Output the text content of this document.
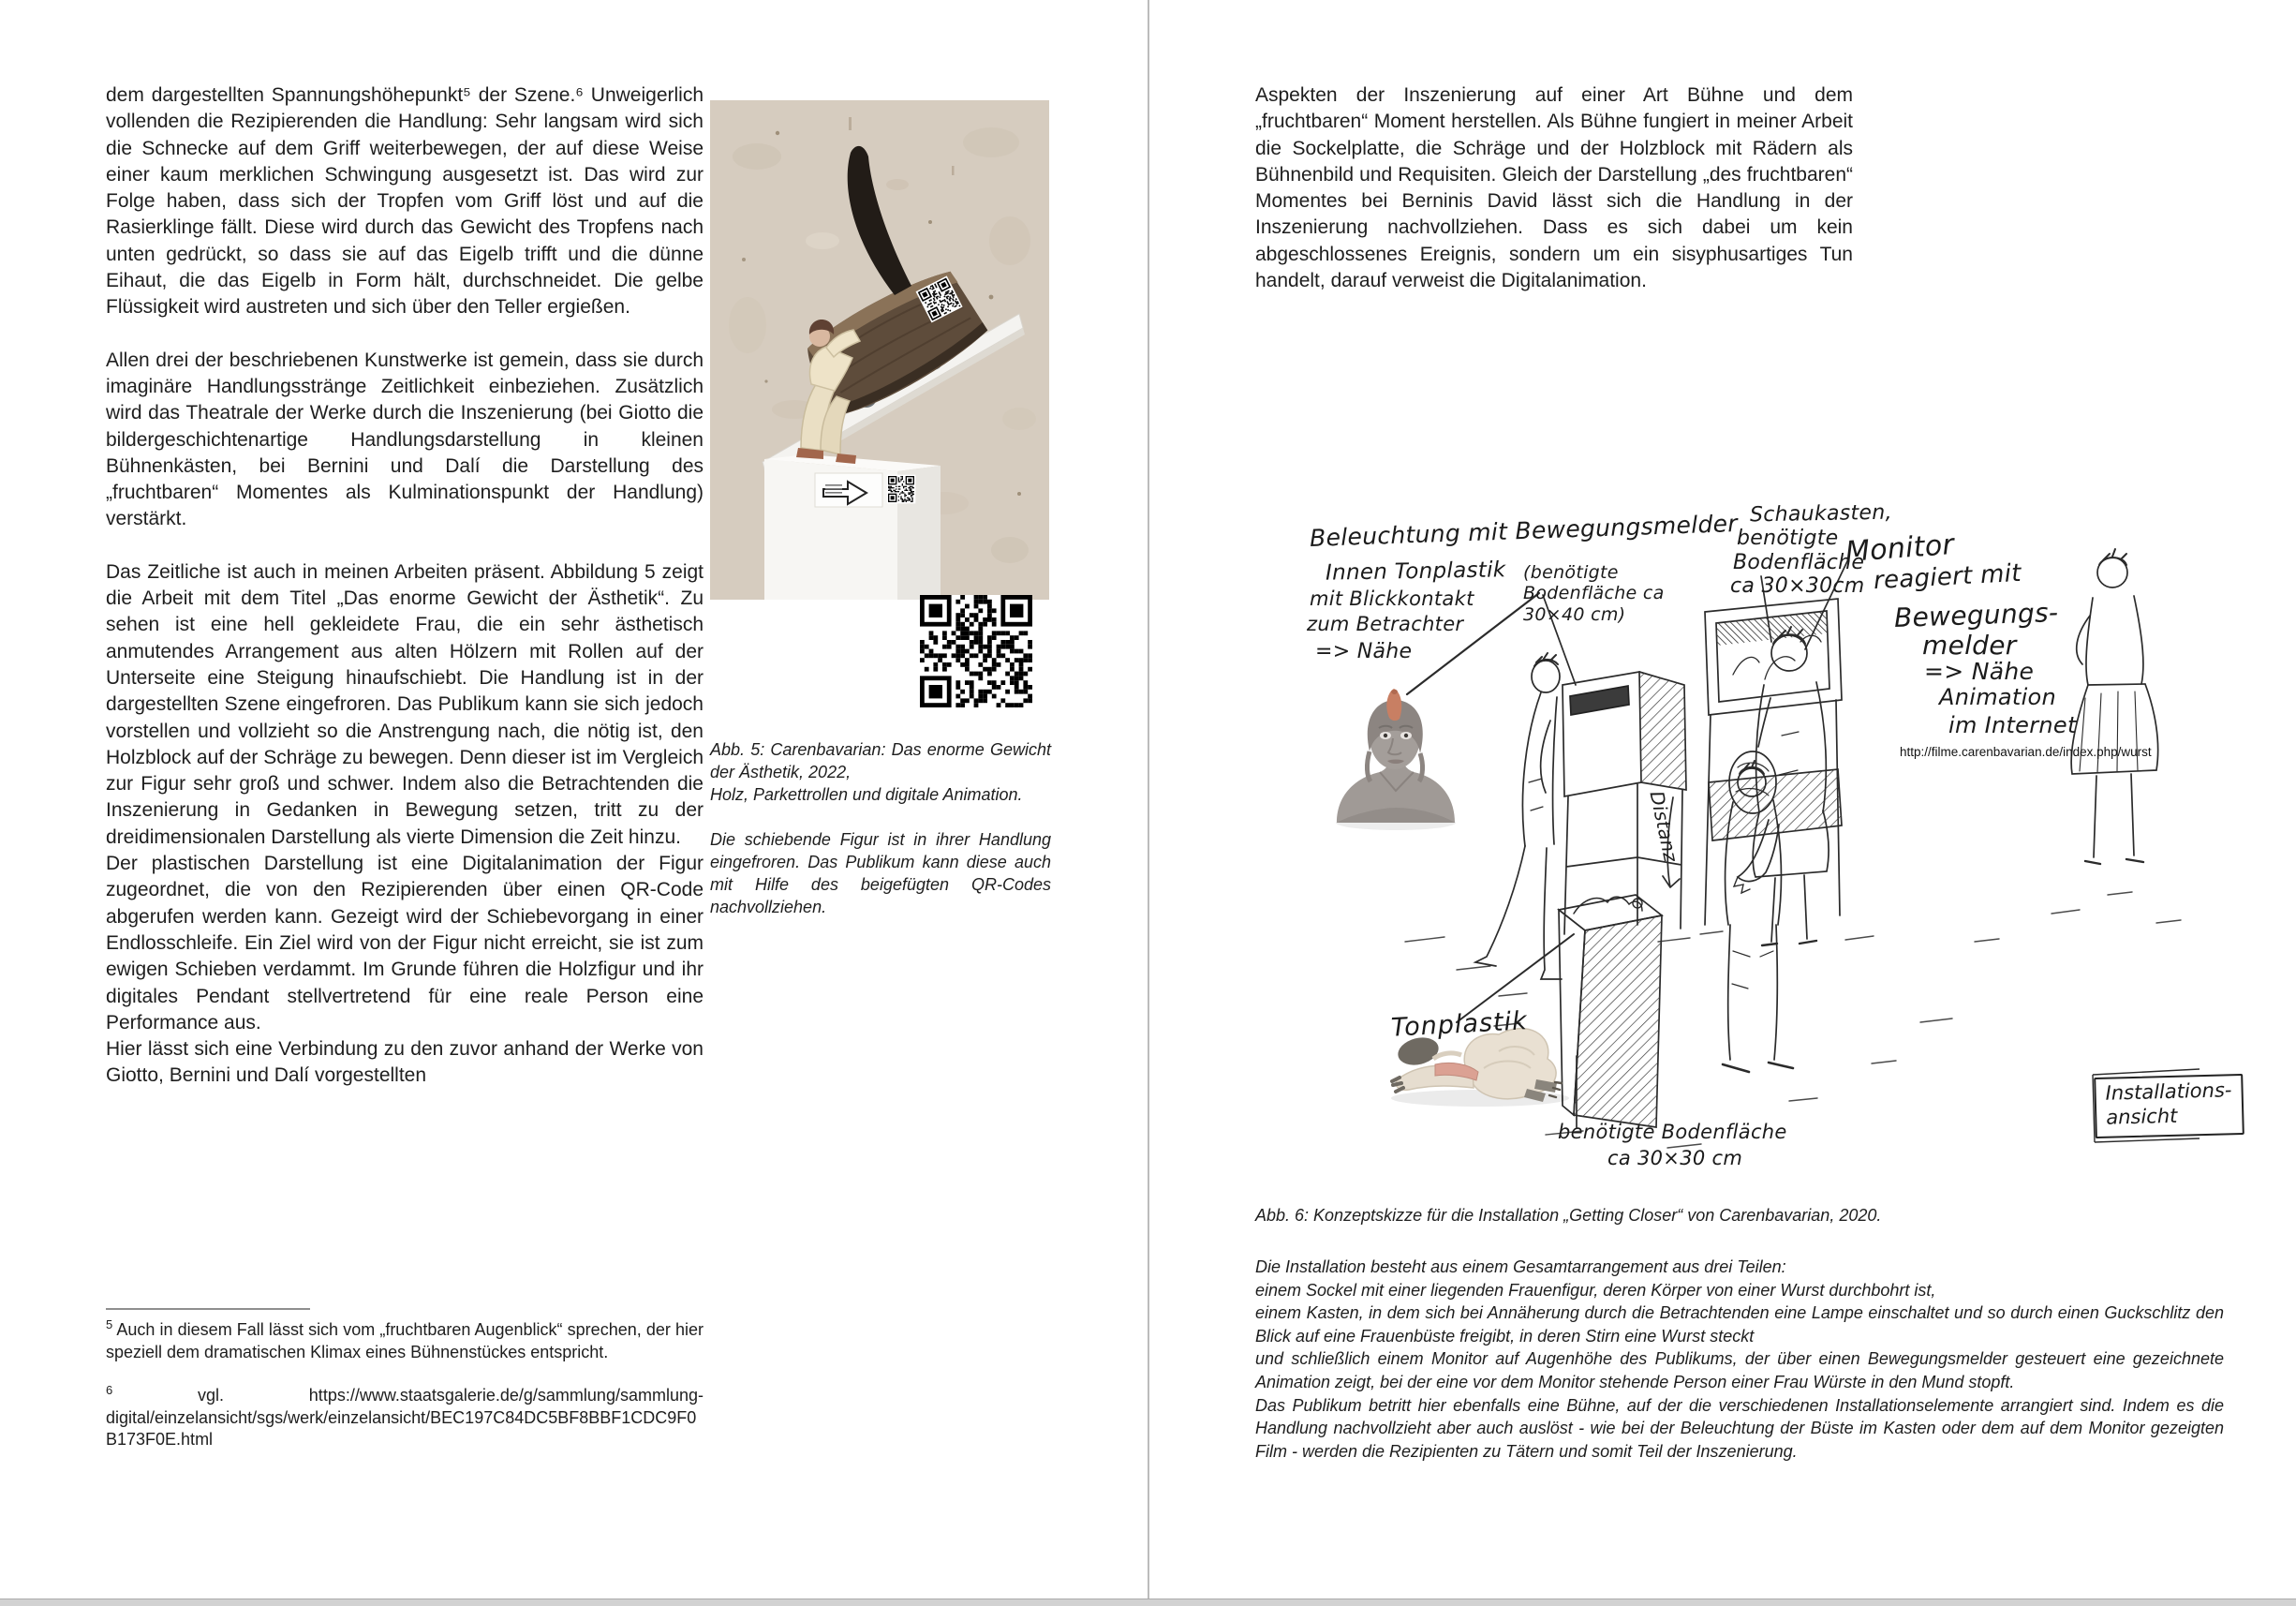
dem dargestellten Spannungshöhepunkt⁵ der Szene.⁶ Unweigerlich vollenden die Rezipierenden die Handlung: Sehr langsam wird sich die Schnecke auf dem Griff weiterbewegen, der auf diese Weise einer kaum merklichen Schwingung ausgesetzt ist. Das wird zur Folge haben, dass sich der Tropfen vom Griff löst und auf die Rasierklinge fällt. Diese wird durch das Gewicht des Tropfens nach unten gedrückt, so dass sie auf das Eigelb trifft und die dünne Eihaut, die das Eigelb in Form hält, durchschneidet. Die gelbe Flüssigkeit wird austreten und sich über den Teller ergießen.

Allen drei der beschriebenen Kunstwerke ist gemein, dass sie durch imaginäre Handlungsstränge Zeitlichkeit einbeziehen. Zusätzlich wird das Theatrale der Werke durch die Inszenierung (bei Giotto die bildergeschichtenartige Handlungsdarstellung in kleinen Bühnenkästen, bei Bernini und Dalí die Darstellung des „fruchtbaren“ Momentes als Kulminationspunkt der Handlung) verstärkt.

Das Zeitliche ist auch in meinen Arbeiten präsent. Abbildung 5 zeigt die Arbeit mit dem Titel „Das enorme Gewicht der Ästhetik“. Zu sehen ist eine hell gekleidete Frau, die ein sehr ästhetisch anmutendes Arrangement aus alten Hölzern mit Rollen auf der Unterseite eine Steigung hinaufschiebt. Die Handlung ist in der dargestellten Szene eingefroren. Das Publikum kann sie sich jedoch vorstellen und vollzieht so die Anstrengung nach, die nötig ist, den Holzblock auf der Schräge zu bewegen. Denn dieser ist im Vergleich zur Figur sehr groß und schwer. Indem also die Betrachtenden die Inszenierung in Gedanken in Bewegung setzen, tritt zu der dreidimensionalen Darstellung als vierte Dimension die Zeit hinzu.

Der plastischen Darstellung ist eine Digitalanimation der Figur zugeordnet, die von den Rezipierenden über einen QR-Code abgerufen werden kann. Gezeigt wird der Schiebevorgang in einer Endlosschleife. Ein Ziel wird von der Figur nicht erreicht, sie ist zum ewigen Schieben verdammt. Im Grunde führen die Holzfigur und ihr digitales Pendant stellvertretend für eine reale Person eine Performance aus.

Hier lässt sich eine Verbindung zu den zuvor anhand der Werke von Giotto, Bernini und Dalí vorgestellten

$^5$ Auch in diesem Fall lässt sich vom „fruchtbaren Augenblick“ sprechen, der hier speziell dem dramatischen Klimax eines Bühnenstückes entspricht.

$^6$	vgl. https://www.staatsgalerie.de/g/sammlung/sammlung-digital/einzelansicht/sgs/werk/einzelansicht/BEC197C84DC5BF8BBF1CDC9F0B173F0E.html

Abb. 5: Carenbavarian: Das enorme Gewicht der Ästhetik, 2022,

Holz, Parkettrollen und digitale Animation.

Die schiebende Figur ist in ihrer Handlung eingefroren. Das Publikum kann diese auch mit Hilfe des beigefügten QR-Codes nachvollziehen.

Aspekten der Inszenierung auf einer Art Bühne und dem „fruchtbaren“ Moment herstellen. Als Bühne fungiert in meiner Arbeit die Sockelplatte, die Schräge und der Holzblock mit Rädern als Bühnenbild und Requisiten. Gleich der Darstellung „des fruchtbaren“ Momentes bei Berninis David lässt sich die Handlung in der Inszenierung nachvollziehen. Dass es sich dabei um kein abgeschlossenes Ereignis, sondern um ein sisyphusartiges Tun handelt, darauf verweist die Digitalanimation.

Beleuchtung mit Bewegungsmelder
Innen Tonplastik (benötigte Bodenfläche ca 30×40 cm)
mit Blickkontakt
zum Betrachter
=> Nähe
Schaukasten,
benötigte
Bodenfläche
ca 30×30cm
Monitor
reagiert mit
Bewegungs-
melder
=> Nähe
Animation
im Internet
http://filme.carenbavarian.de/index.php/wurst
Distanz
Tonplastik
benötigte Bodenfläche
ca 30×30 cm
Installations-
ansicht
Abb. 6: Konzeptskizze für die Installation „Getting Closer“ von Carenbavarian, 2020.

Die Installation besteht aus einem Gesamtarrangement aus drei Teilen:

einem Sockel mit einer liegenden Frauenfigur, deren Körper von einer Wurst durchbohrt ist,

einem Kasten, in dem sich bei Annäherung durch die Betrachtenden eine Lampe einschaltet und so durch einen Guckschlitz den Blick auf eine Frauenbüste freigibt, in deren Stirn eine Wurst steckt

und schließlich einem Monitor auf Augenhöhe des Publikums, der über einen Bewegungsmelder gesteuert eine gezeichnete Animation zeigt, bei der eine vor dem Monitor stehende Person einer Frau Würste in den Mund stopft.

Das Publikum betritt hier ebenfalls eine Bühne, auf der die verschiedenen Installationselemente arrangiert sind. Indem es die Handlung nachvollzieht aber auch auslöst - wie bei der Beleuchtung der Büste im Kasten oder dem auf dem Monitor gezeigten Film - werden die Rezipienten zu Tätern und somit Teil der Inszenierung.
